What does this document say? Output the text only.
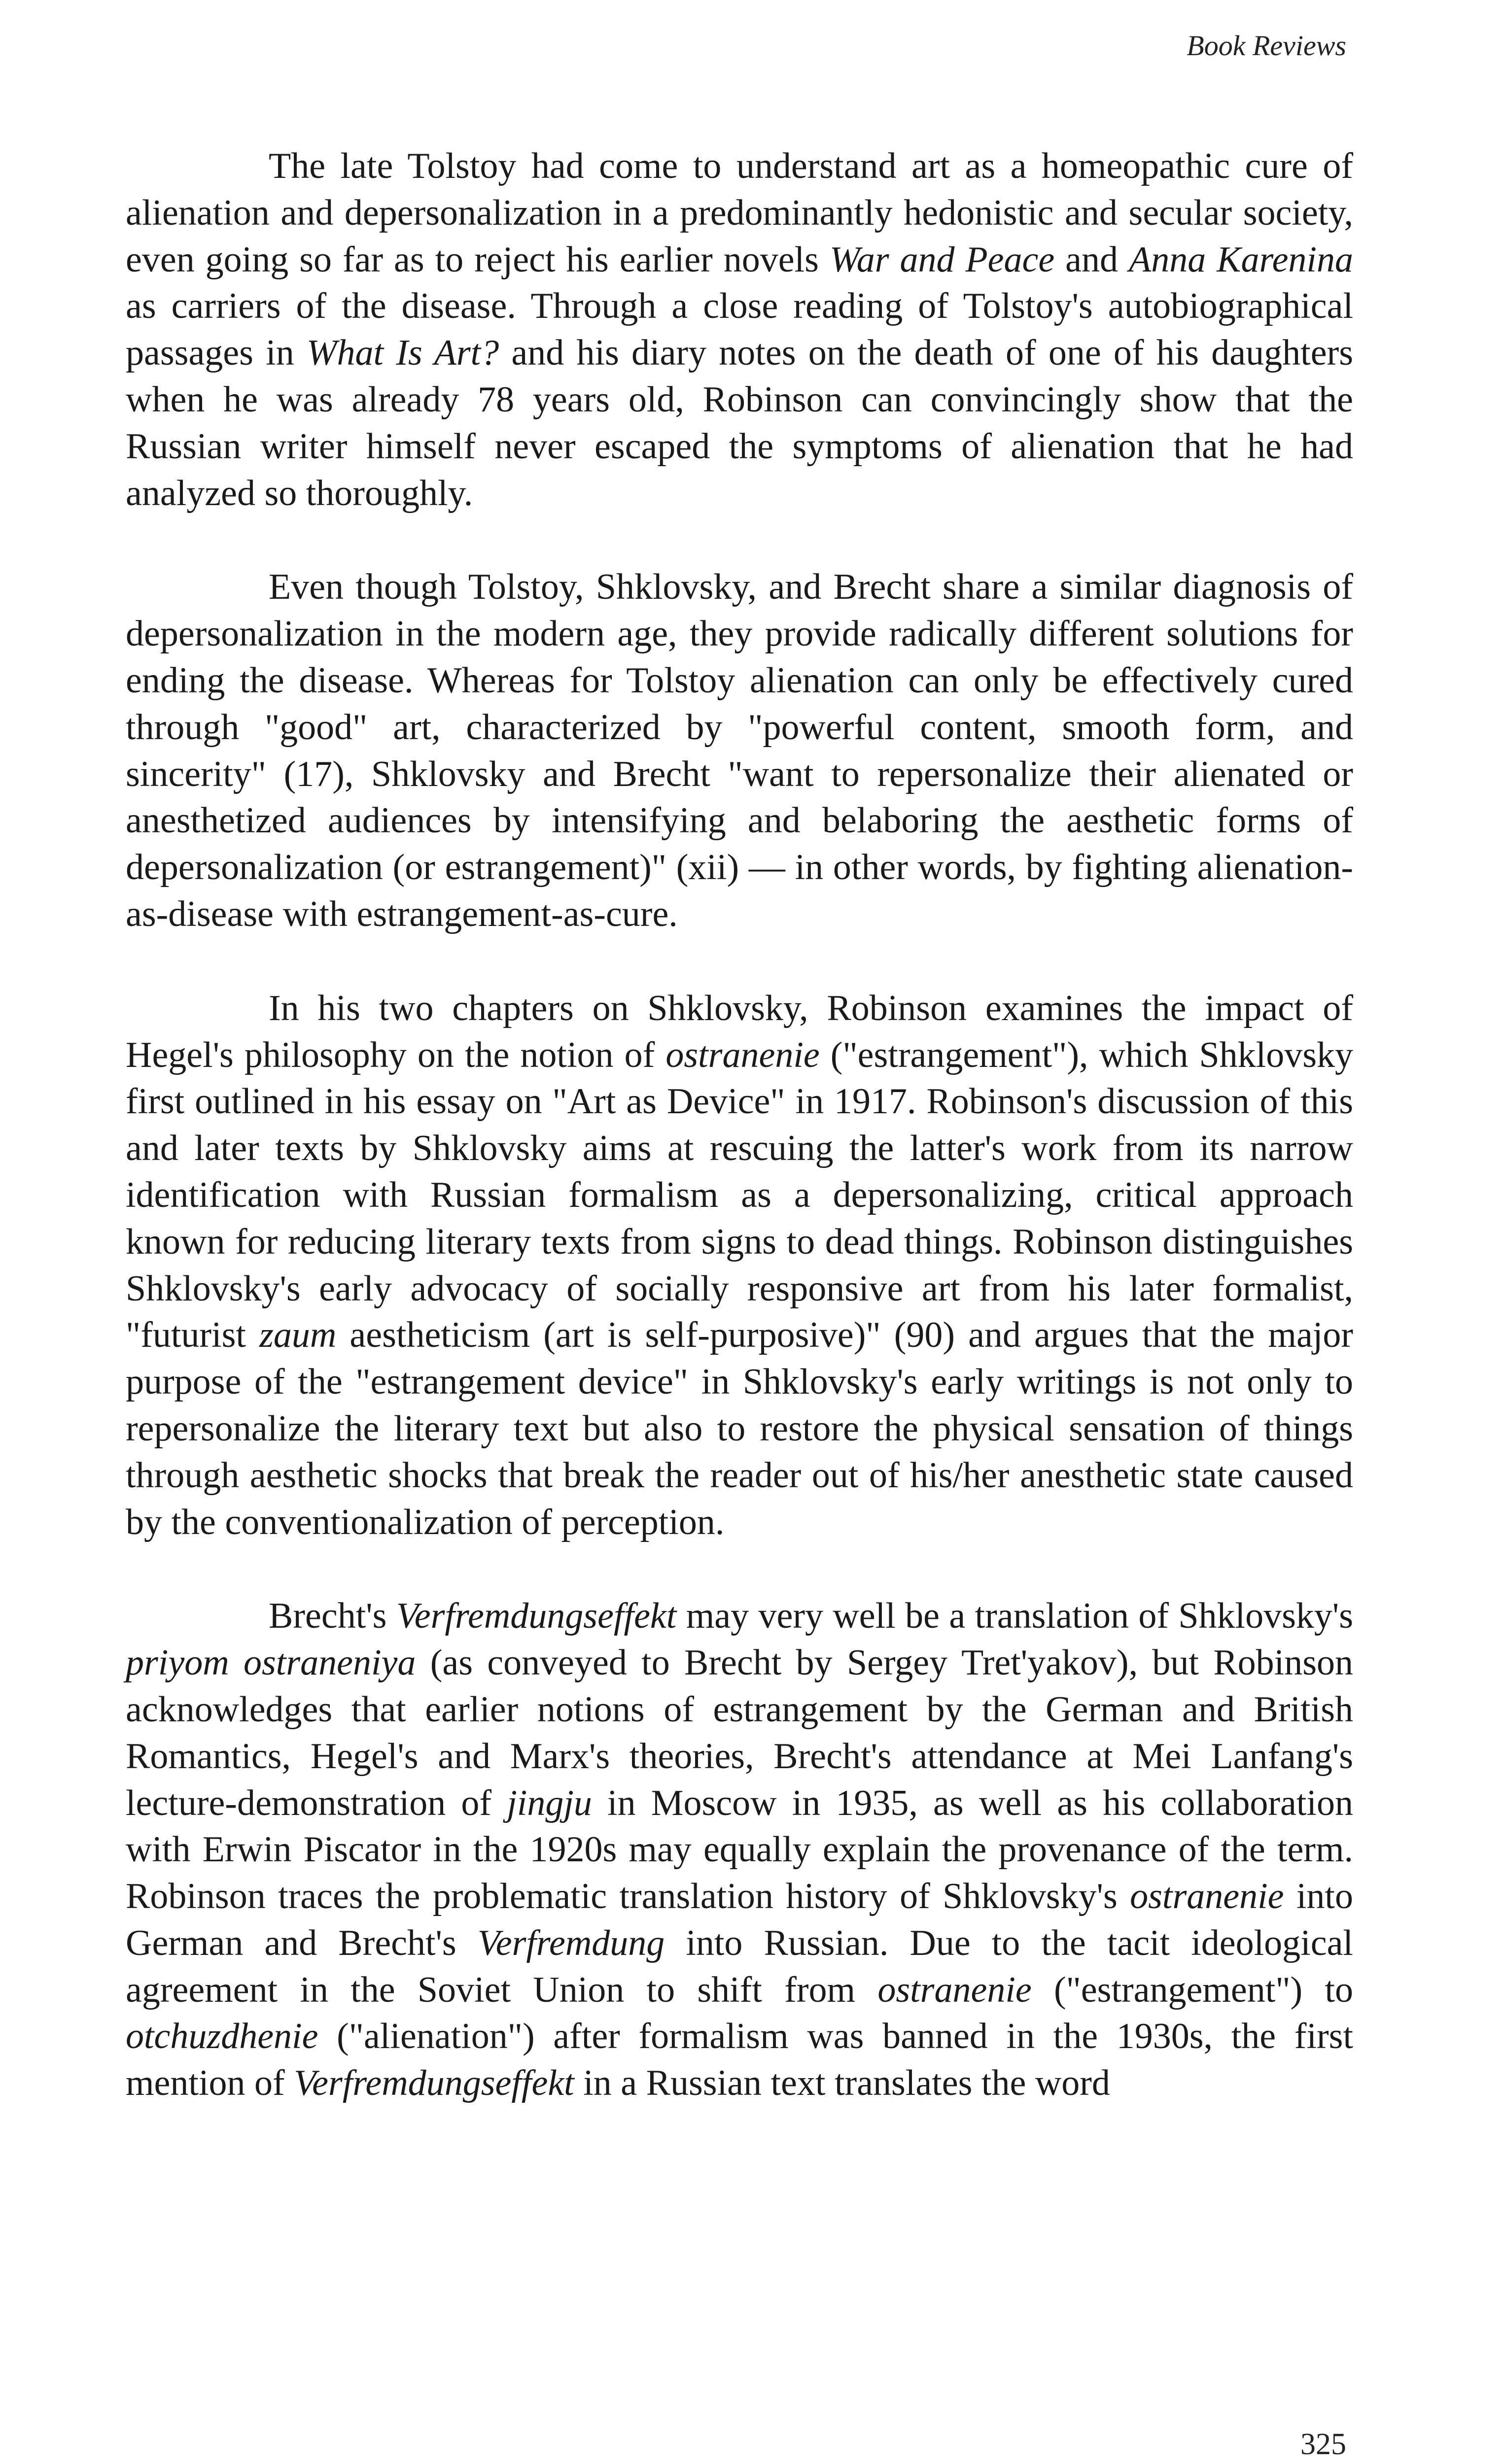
Book Reviews

The late Tolstoy had come to understand art as a homeopathic cure of alienation and depersonalization in a predominantly hedonistic and secular society, even going so far as to reject his earlier novels War and Peace and Anna Karenina as carriers of the disease. Through a close reading of Tolstoy's autobiographical passages in What Is Art? and his diary notes on the death of one of his daughters when he was already 78 years old, Robinson can convincingly show that the Russian writer himself never escaped the symptoms of alienation that he had analyzed so thoroughly.

Even though Tolstoy, Shklovsky, and Brecht share a similar diagnosis of depersonalization in the modern age, they provide radically different solutions for ending the disease. Whereas for Tolstoy alienation can only be effectively cured through "good" art, characterized by "powerful content, smooth form, and sincerity" (17), Shklovsky and Brecht "want to repersonalize their alienated or anesthetized audiences by intensifying and belaboring the aesthetic forms of depersonalization (or estrangement)" (xii) — in other words, by fighting alienation-as-disease with estrangement-as-cure.

In his two chapters on Shklovsky, Robinson examines the impact of Hegel's philosophy on the notion of ostranenie ("estrangement"), which Shklovsky first outlined in his essay on "Art as Device" in 1917. Robinson's discussion of this and later texts by Shklovsky aims at rescuing the latter's work from its narrow identification with Russian formalism as a depersonalizing, critical approach known for reducing literary texts from signs to dead things. Robinson distinguishes Shklovsky's early advocacy of socially responsive art from his later formalist, "futurist zaum aestheticism (art is self-purposive)" (90) and argues that the major purpose of the "estrangement device" in Shklovsky's early writings is not only to repersonalize the literary text but also to restore the physical sensation of things through aesthetic shocks that break the reader out of his/her anesthetic state caused by the conventionalization of perception.

Brecht's Verfremdungseffekt may very well be a translation of Shklovsky's priyom ostraneniya (as conveyed to Brecht by Sergey Tret'yakov), but Robinson acknowledges that earlier notions of estrangement by the German and British Romantics, Hegel's and Marx's theories, Brecht's attendance at Mei Lanfang's lecture-demonstration of jingju in Moscow in 1935, as well as his collaboration with Erwin Piscator in the 1920s may equally explain the provenance of the term. Robinson traces the problematic translation history of Shklovsky's ostranenie into German and Brecht's Verfremdung into Russian. Due to the tacit ideological agreement in the Soviet Union to shift from ostranenie ("estrangement") to otchuzdhenie ("alienation") after formalism was banned in the 1930s, the first mention of Verfremdungseffekt in a Russian text translates the word

325
